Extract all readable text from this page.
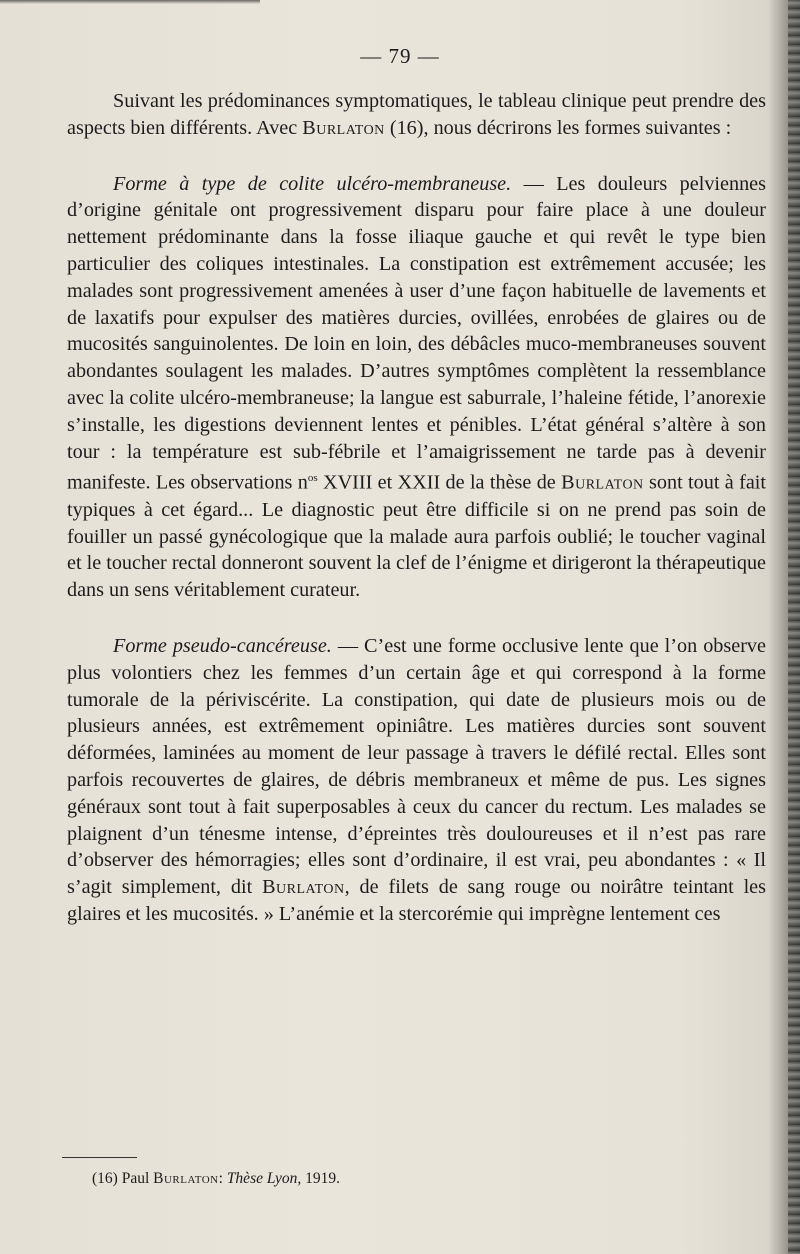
— 79 —

Suivant les prédominances symptomatiques, le tableau clinique peut prendre des aspects bien différents. Avec Burlaton (16), nous décrirons les formes suivantes :

Forme à type de colite ulcéro-membraneuse. — Les douleurs pelviennes d’origine génitale ont progressivement disparu pour faire place à une douleur nettement prédominante dans la fosse iliaque gauche et qui revêt le type bien particulier des coliques intestinales. La constipation est extrêmement accusée; les malades sont progressivement amenées à user d’une façon habituelle de lavements et de laxatifs pour expulser des matières durcies, ovillées, enrobées de glaires ou de mucosités sanguinolentes. De loin en loin, des débâcles muco-membraneuses souvent abondantes soulagent les malades. D’autres symptômes complètent la ressemblance avec la colite ulcéro-membraneuse; la langue est saburrale, l’haleine fétide, l’anorexie s’installe, les digestions deviennent lentes et pénibles. L’état général s’altère à son tour : la température est sub-fébrile et l’amaigrissement ne tarde pas à devenir manifeste. Les observations $n^{os}$ XVIII et XXII de la thèse de Burlaton sont tout à fait typiques à cet égard... Le diagnostic peut être difficile si on ne prend pas soin de fouiller un passé gynécologique que la malade aura parfois oublié; le toucher vaginal et le toucher rectal donneront souvent la clef de l’énigme et dirigeront la thérapeutique dans un sens véritablement curateur.

Forme pseudo-cancéreuse. — C’est une forme occlusive lente que l’on observe plus volontiers chez les femmes d’un certain âge et qui correspond à la forme tumorale de la périviscérite. La constipation, qui date de plusieurs mois ou de plusieurs années, est extrêmement opiniâtre. Les matières durcies sont souvent déformées, laminées au moment de leur passage à travers le défilé rectal. Elles sont parfois recouvertes de glaires, de débris membraneux et même de pus. Les signes généraux sont tout à fait superposables à ceux du cancer du rectum. Les malades se plaignent d’un ténesme intense, d’épreintes très douloureuses et il n’est pas rare d’observer des hémorragies; elles sont d’ordinaire, il est vrai, peu abondantes : « Il s’agit simplement, dit Burlaton, de filets de sang rouge ou noirâtre teintant les glaires et les mucosités. » L’anémie et la stercorémie qui imprègne lentement ces

(16) Paul Burlaton: Thèse Lyon, 1919.
